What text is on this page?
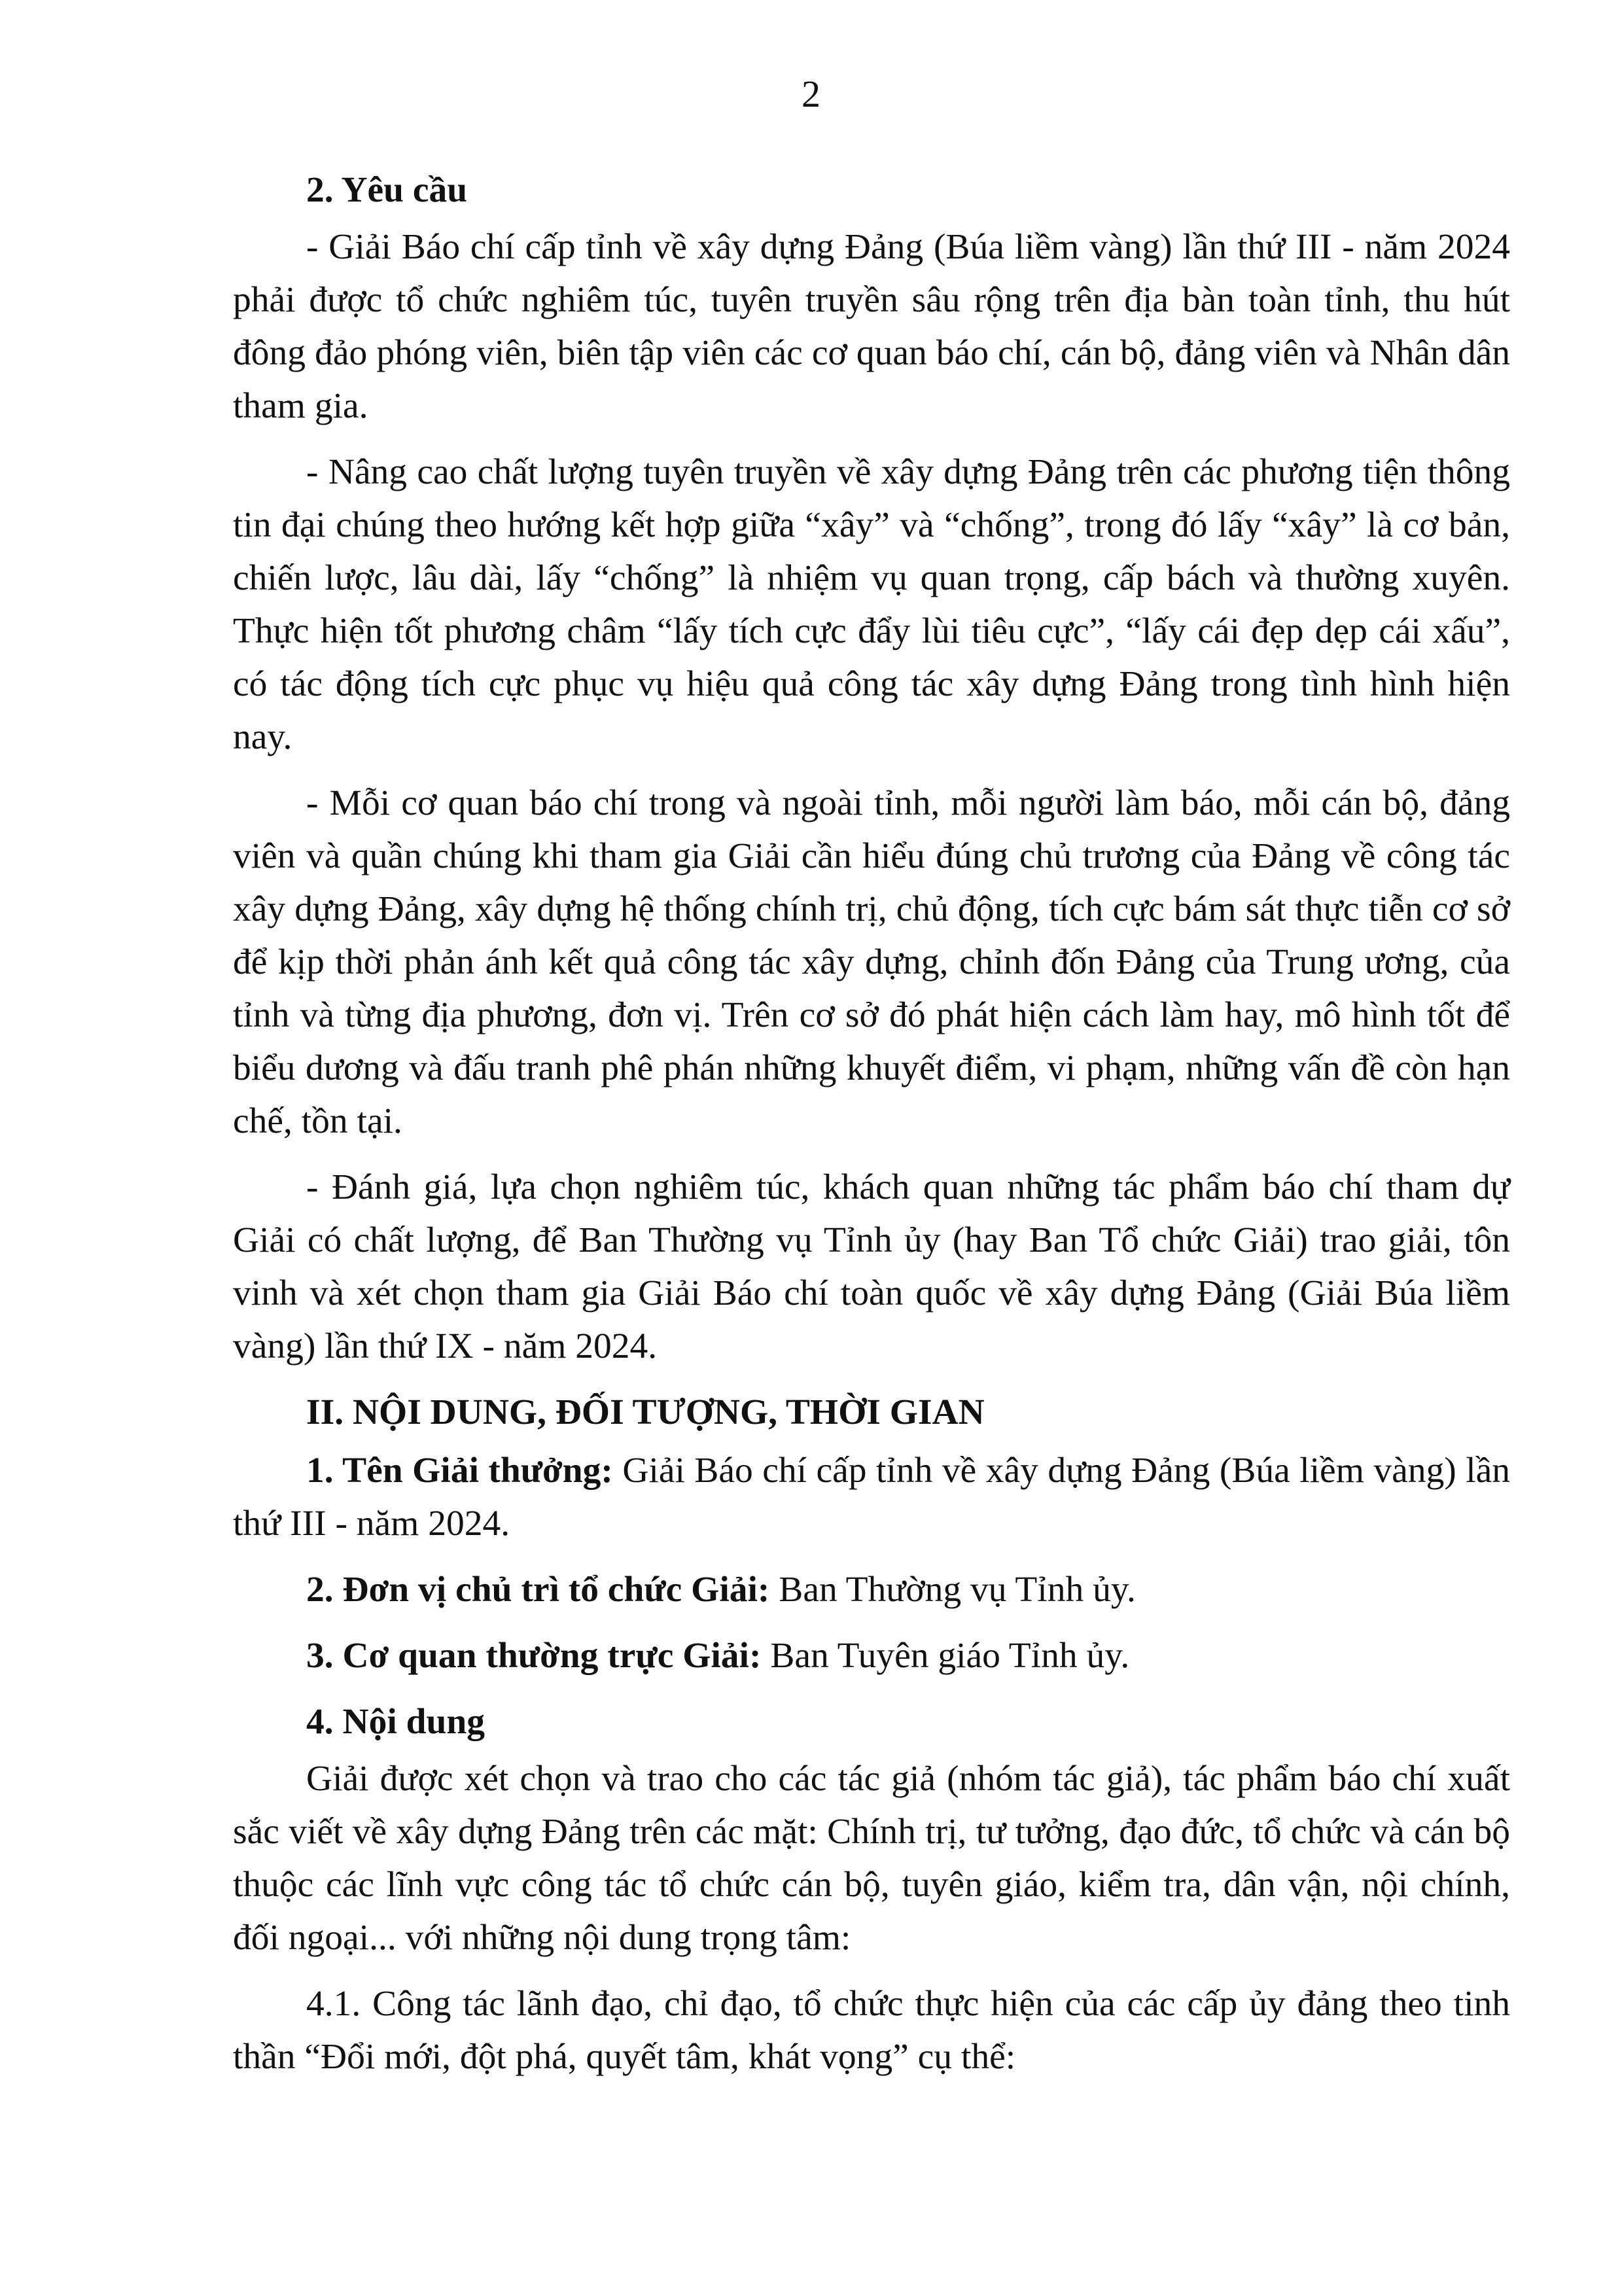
2
2. Yêu cầu

- Giải Báo chí cấp tỉnh về xây dựng Đảng (Búa liềm vàng) lần thứ III - năm 2024 phải được tổ chức nghiêm túc, tuyên truyền sâu rộng trên địa bàn toàn tỉnh, thu hút đông đảo phóng viên, biên tập viên các cơ quan báo chí, cán bộ, đảng viên và Nhân dân tham gia.

- Nâng cao chất lượng tuyên truyền về xây dựng Đảng trên các phương tiện thông tin đại chúng theo hướng kết hợp giữa “xây” và “chống”, trong đó lấy “xây” là cơ bản, chiến lược, lâu dài, lấy “chống” là nhiệm vụ quan trọng, cấp bách và thường xuyên. Thực hiện tốt phương châm “lấy tích cực đẩy lùi tiêu cực”, “lấy cái đẹp dẹp cái xấu”, có tác động tích cực phục vụ hiệu quả công tác xây dựng Đảng trong tình hình hiện nay.

- Mỗi cơ quan báo chí trong và ngoài tỉnh, mỗi người làm báo, mỗi cán bộ, đảng viên và quần chúng khi tham gia Giải cần hiểu đúng chủ trương của Đảng về công tác xây dựng Đảng, xây dựng hệ thống chính trị, chủ động, tích cực bám sát thực tiễn cơ sở để kịp thời phản ánh kết quả công tác xây dựng, chỉnh đốn Đảng của Trung ương, của tỉnh và từng địa phương, đơn vị. Trên cơ sở đó phát hiện cách làm hay, mô hình tốt để biểu dương và đấu tranh phê phán những khuyết điểm, vi phạm, những vấn đề còn hạn chế, tồn tại.

- Đánh giá, lựa chọn nghiêm túc, khách quan những tác phẩm báo chí tham dự Giải có chất lượng, để Ban Thường vụ Tỉnh ủy (hay Ban Tổ chức Giải) trao giải, tôn vinh và xét chọn tham gia Giải Báo chí toàn quốc về xây dựng Đảng (Giải Búa liềm vàng) lần thứ IX - năm 2024.

II. NỘI DUNG, ĐỐI TƯỢNG, THỜI GIAN

1. Tên Giải thưởng: Giải Báo chí cấp tỉnh về xây dựng Đảng (Búa liềm vàng) lần thứ III - năm 2024.

2. Đơn vị chủ trì tổ chức Giải: Ban Thường vụ Tỉnh ủy.

3. Cơ quan thường trực Giải: Ban Tuyên giáo Tỉnh ủy.

4. Nội dung

Giải được xét chọn và trao cho các tác giả (nhóm tác giả), tác phẩm báo chí xuất sắc viết về xây dựng Đảng trên các mặt: Chính trị, tư tưởng, đạo đức, tổ chức và cán bộ thuộc các lĩnh vực công tác tổ chức cán bộ, tuyên giáo, kiểm tra, dân vận, nội chính, đối ngoại... với những nội dung trọng tâm:

4.1. Công tác lãnh đạo, chỉ đạo, tổ chức thực hiện của các cấp ủy đảng theo tinh thần “Đổi mới, đột phá, quyết tâm, khát vọng” cụ thể:
